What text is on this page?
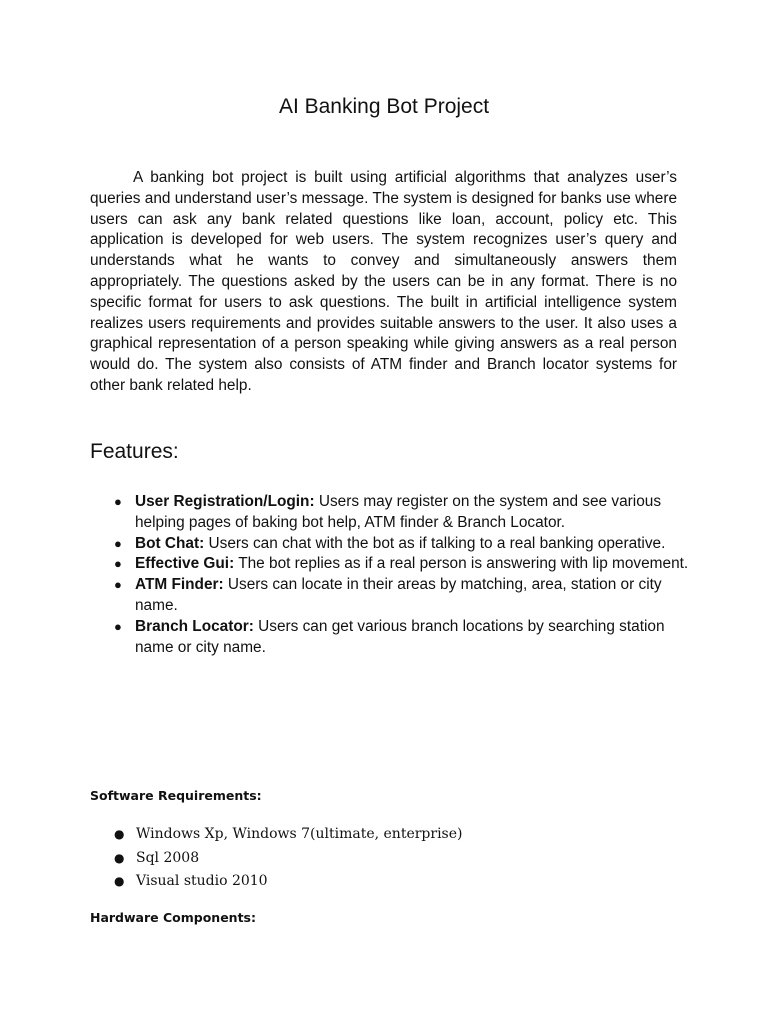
AI Banking Bot Project

A banking bot project is built using artificial algorithms that analyzes user’s queries and understand user’s message. The system is designed for banks use where users can ask any bank related questions like loan, account, policy etc. This application is developed for web users. The system recognizes user’s query and understands what he wants to convey and simultaneously answers them appropriately. The questions asked by the users can be in any format. There is no specific format for users to ask questions. The built in artificial intelligence system realizes users requirements and provides suitable answers to the user. It also uses a graphical representation of a person speaking while giving answers as a real person would do. The system also consists of ATM finder and Branch locator systems for other bank related help.

Features:
● User Registration/Login: Users may register on the system and see various helping pages of baking bot help, ATM finder & Branch Locator.
● Bot Chat: Users can chat with the bot as if talking to a real banking operative.
● Effective Gui: The bot replies as if a real person is answering with lip movement.
● ATM Finder: Users can locate in their areas by matching, area, station or city name.
● Branch Locator: Users can get various branch locations by searching station name or city name.
Software Requirements:
● Windows Xp, Windows 7(ultimate, enterprise)
● Sql 2008
● Visual studio 2010
Hardware Components:
